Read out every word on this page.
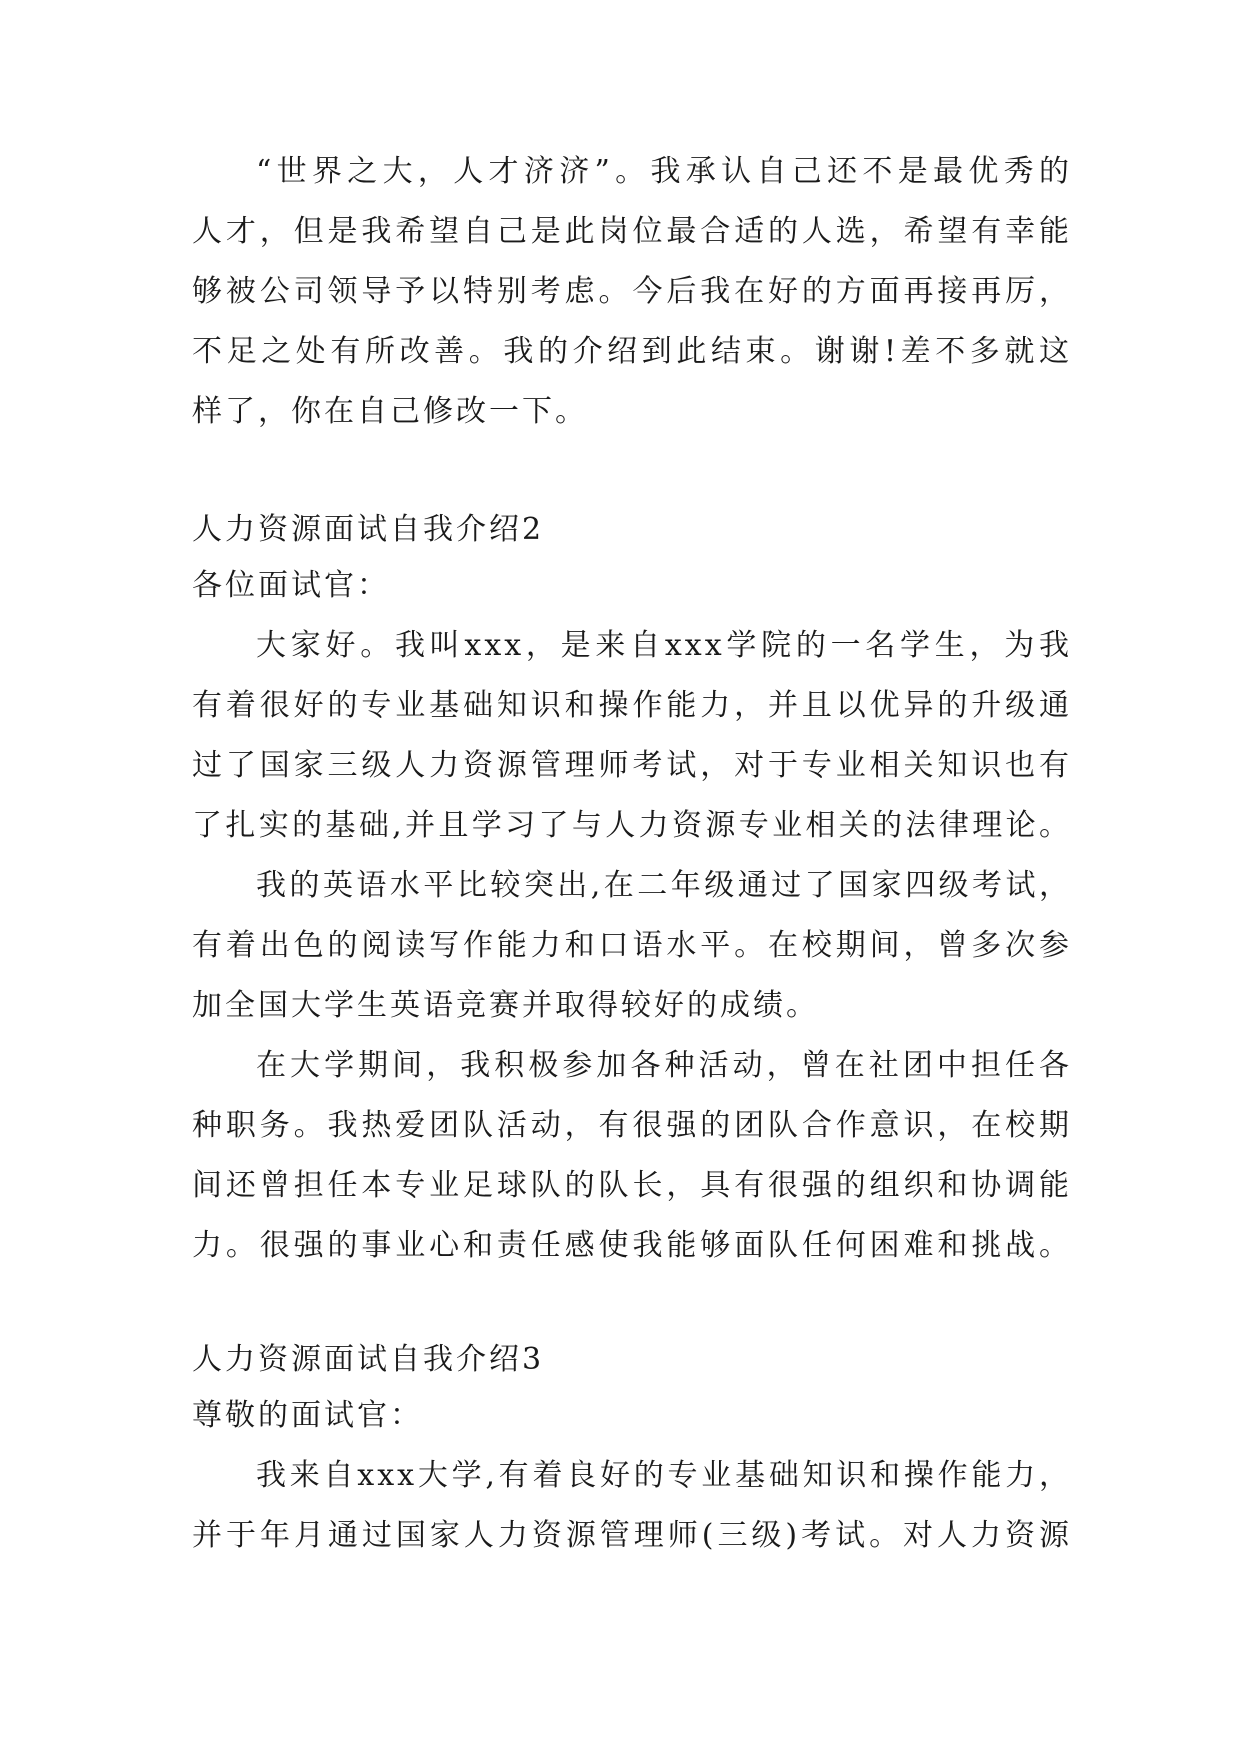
“世界之大，人才济济”。我承认自己还不是最优秀的
人才，但是我希望自己是此岗位最合适的人选，希望有幸能
够被公司领导予以特别考虑。今后我在好的方面再接再厉，
不足之处有所改善。我的介绍到此结束。谢谢!差不多就这
样了，你在自己修改一下。
人力资源面试自我介绍2
各位面试官：
大家好。我叫xxx，是来自xxx学院的一名学生，为我
有着很好的专业基础知识和操作能力，并且以优异的升级通
过了国家三级人力资源管理师考试，对于专业相关知识也有
了扎实的基础,并且学习了与人力资源专业相关的法律理论。
我的英语水平比较突出,在二年级通过了国家四级考试，
有着出色的阅读写作能力和口语水平。在校期间，曾多次参
加全国大学生英语竞赛并取得较好的成绩。
在大学期间，我积极参加各种活动，曾在社团中担任各
种职务。我热爱团队活动，有很强的团队合作意识，在校期
间还曾担任本专业足球队的队长，具有很强的组织和协调能
力。很强的事业心和责任感使我能够面队任何困难和挑战。
人力资源面试自我介绍3
尊敬的面试官：
我来自xxx大学,有着良好的专业基础知识和操作能力，
并于年月通过国家人力资源管理师(三级)考试。对人力资源
